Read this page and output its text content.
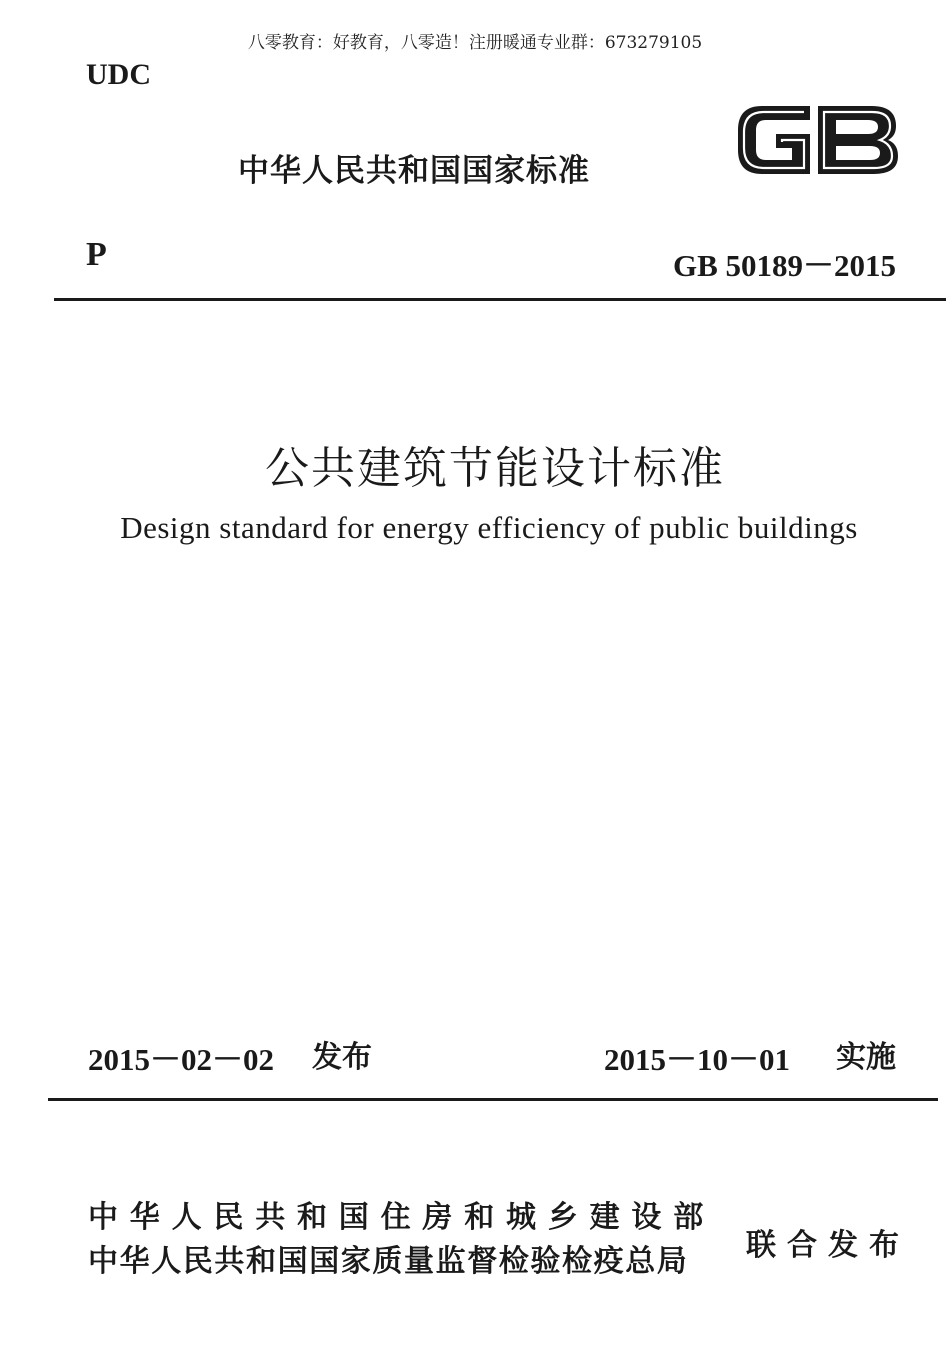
八零教育：好教育，八零造！注册暖通专业群：673279105
UDC
中华人民共和国国家标准
P	GB 50189－2015
公共建筑节能设计标准
Design standard for energy efficiency of public buildings
2015－02－02 发布	2015－10－01 实施
中华人民共和国住房和城乡建设部
中华人民共和国国家质量监督检验检疫总局 联合发布
